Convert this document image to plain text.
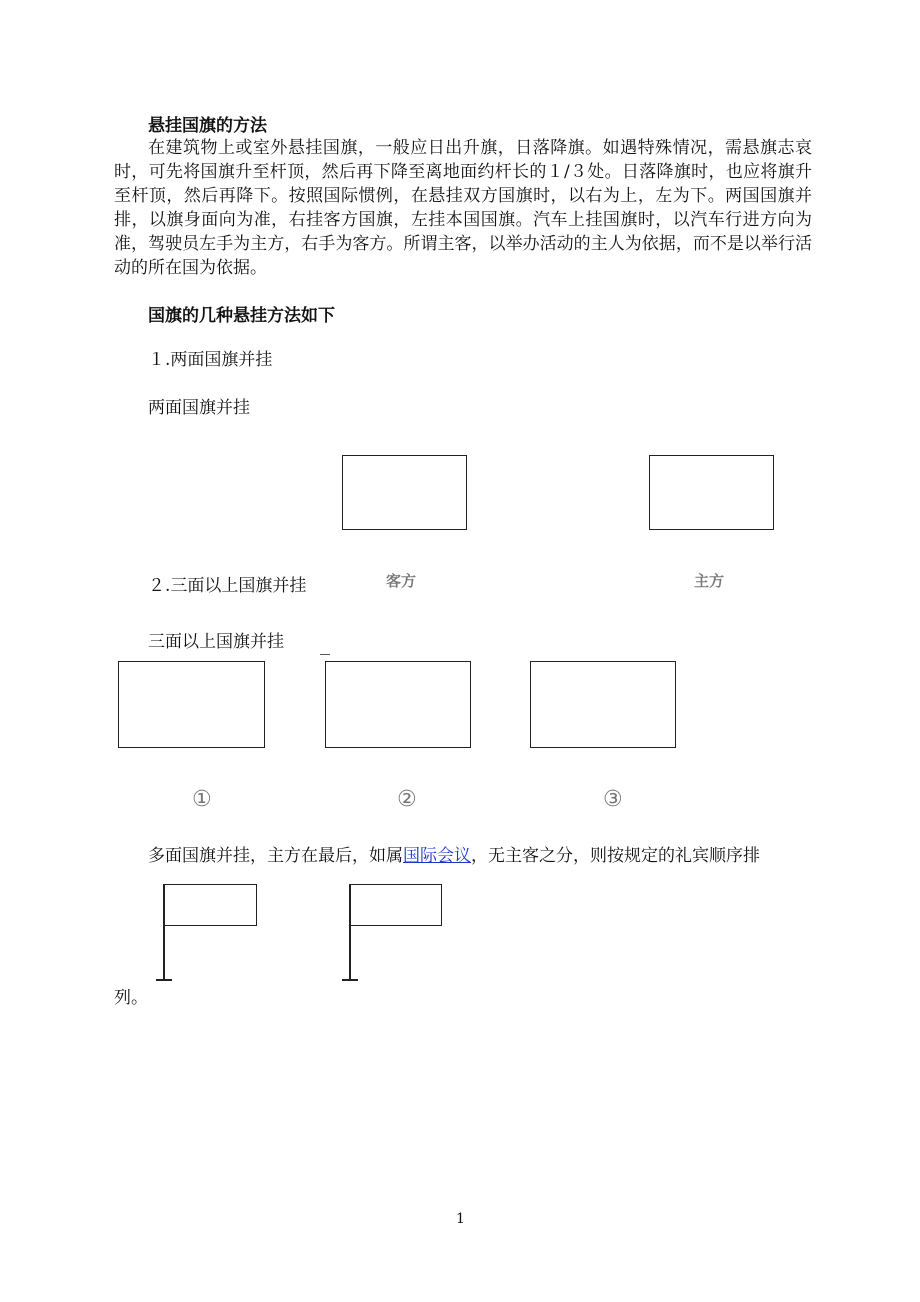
悬挂国旗的方法
在建筑物上或室外悬挂国旗，一般应日出升旗，日落降旗。如遇特殊情况，需悬旗志哀时，可先将国旗升至杆顶，然后再下降至离地面约杆长的１/３处。日落降旗时，也应将旗升至杆顶，然后再降下。按照国际惯例，在悬挂双方国旗时，以右为上，左为下。两国国旗并排，以旗身面向为准，右挂客方国旗，左挂本国国旗。汽车上挂国旗时，以汽车行进方向为准，驾驶员左手为主方，右手为客方。所谓主客，以举办活动的主人为依据，而不是以举行活动的所在国为依据。
国旗的几种悬挂方法如下
１.两面国旗并挂
两面国旗并挂
客方	主方
２.三面以上国旗并挂
三面以上国旗并挂
①	②	③
多面国旗并挂，主方在最后，如属国际会议，无主客之分，则按规定的礼宾顺序排
列。
1
